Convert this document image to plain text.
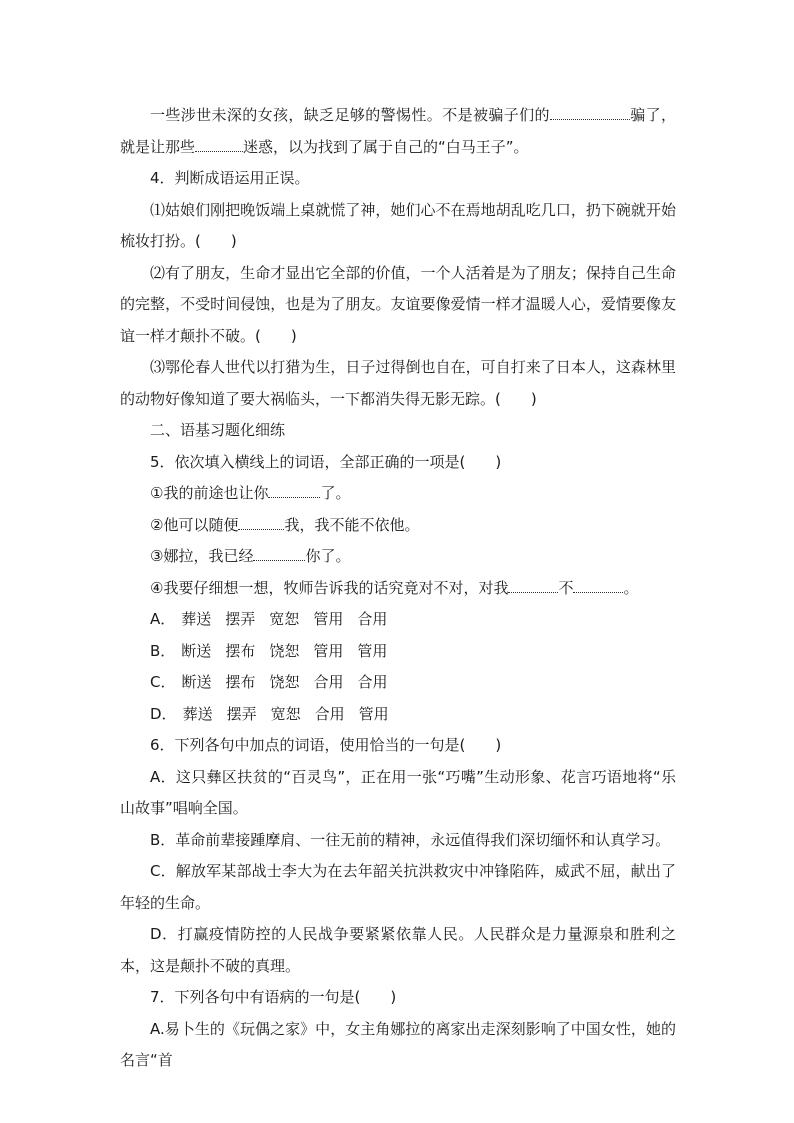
一些涉世未深的女孩，缺乏足够的警惕性。不是被骗子们的	骗了，就是让那些	迷惑，以为找到了属于自己的“白马王子”。

4．判断成语运用正误。

⑴姑娘们刚把晚饭端上桌就慌了神，她们心不在焉地胡乱吃几口，扔下碗就开始梳妆打扮。(　　)

⑵有了朋友，生命才显出它全部的价值，一个人活着是为了朋友；保持自己生命的完整，不受时间侵蚀，也是为了朋友。友谊要像爱情一样才温暖人心，爱情要像友谊一样才颠扑不破。(　　)

⑶鄂伦春人世代以打猎为生，日子过得倒也自在，可自打来了日本人，这森林里的动物好像知道了要大祸临头，一下都消失得无影无踪。(　　)

二、语基习题化细练

5．依次填入横线上的词语，全部正确的一项是(　　)

①我的前途也让你	了。

②他可以随便	我，我不能不依他。

③娜拉，我已经	你了。

④我要仔细想一想，牧师告诉我的话究竟对不对，对我	不	。

A． 葬送 摆弄 宽恕 管用 合用

B． 断送 摆布 饶恕 管用 管用

C． 断送 摆布 饶恕 合用 合用

D． 葬送 摆弄 宽恕 合用 管用

6．下列各句中加点的词语，使用恰当的一句是(　　)

A．这只彝区扶贫的“百灵鸟”，正在用一张“巧嘴”生动形象、花言巧语地将“乐山故事”唱响全国。

B．革命前辈接踵摩肩、一往无前的精神，永远值得我们深切缅怀和认真学习。

C．解放军某部战士李大为在去年韶关抗洪救灾中冲锋陷阵，威武不屈，献出了年轻的生命。

D．打赢疫情防控的人民战争要紧紧依靠人民。人民群众是力量源泉和胜利之本，这是颠扑不破的真理。

7．下列各句中有语病的一句是(　　)

A.易卜生的《玩偶之家》中，女主角娜拉的离家出走深刻影响了中国女性，她的名言“首
